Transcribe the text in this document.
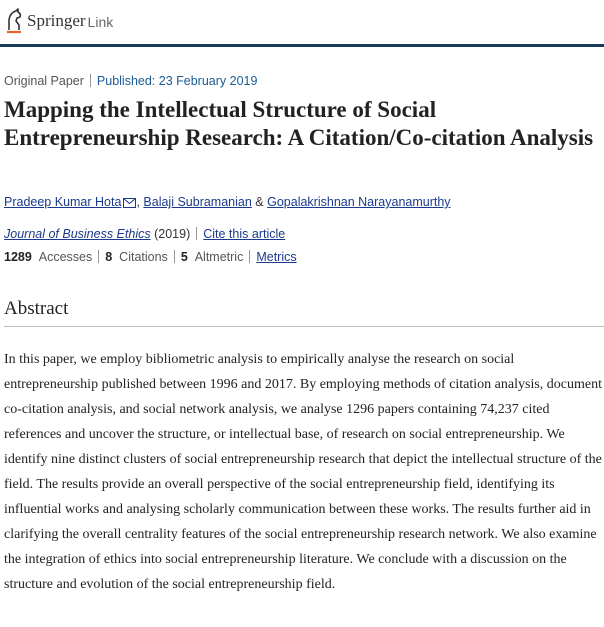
Springer Link
Original Paper Published: 23 February 2019
Mapping the Intellectual Structure of Social Entrepreneurship Research: A Citation/Co-citation Analysis
Pradeep Kumar Hota , Balaji Subramanian & Gopalakrishnan Narayanamurthy
Journal of Business Ethics (2019) Cite this article
1289 Accesses 8 Citations 5 Altmetric Metrics
Abstract

In this paper, we employ bibliometric analysis to empirically analyse the research on social entrepreneurship published between 1996 and 2017. By employing methods of citation analysis, document co-citation analysis, and social network analysis, we analyse 1296 papers containing 74,237 cited references and uncover the structure, or intellectual base, of research on social entrepreneurship. We identify nine distinct clusters of social entrepreneurship research that depict the intellectual structure of the field. The results provide an overall perspective of the social entrepreneurship field, identifying its influential works and analysing scholarly communication between these works. The results further aid in clarifying the overall centrality features of the social entrepreneurship research network. We also examine the integration of ethics into social entrepreneurship literature. We conclude with a discussion on the structure and evolution of the social entrepreneurship field.
